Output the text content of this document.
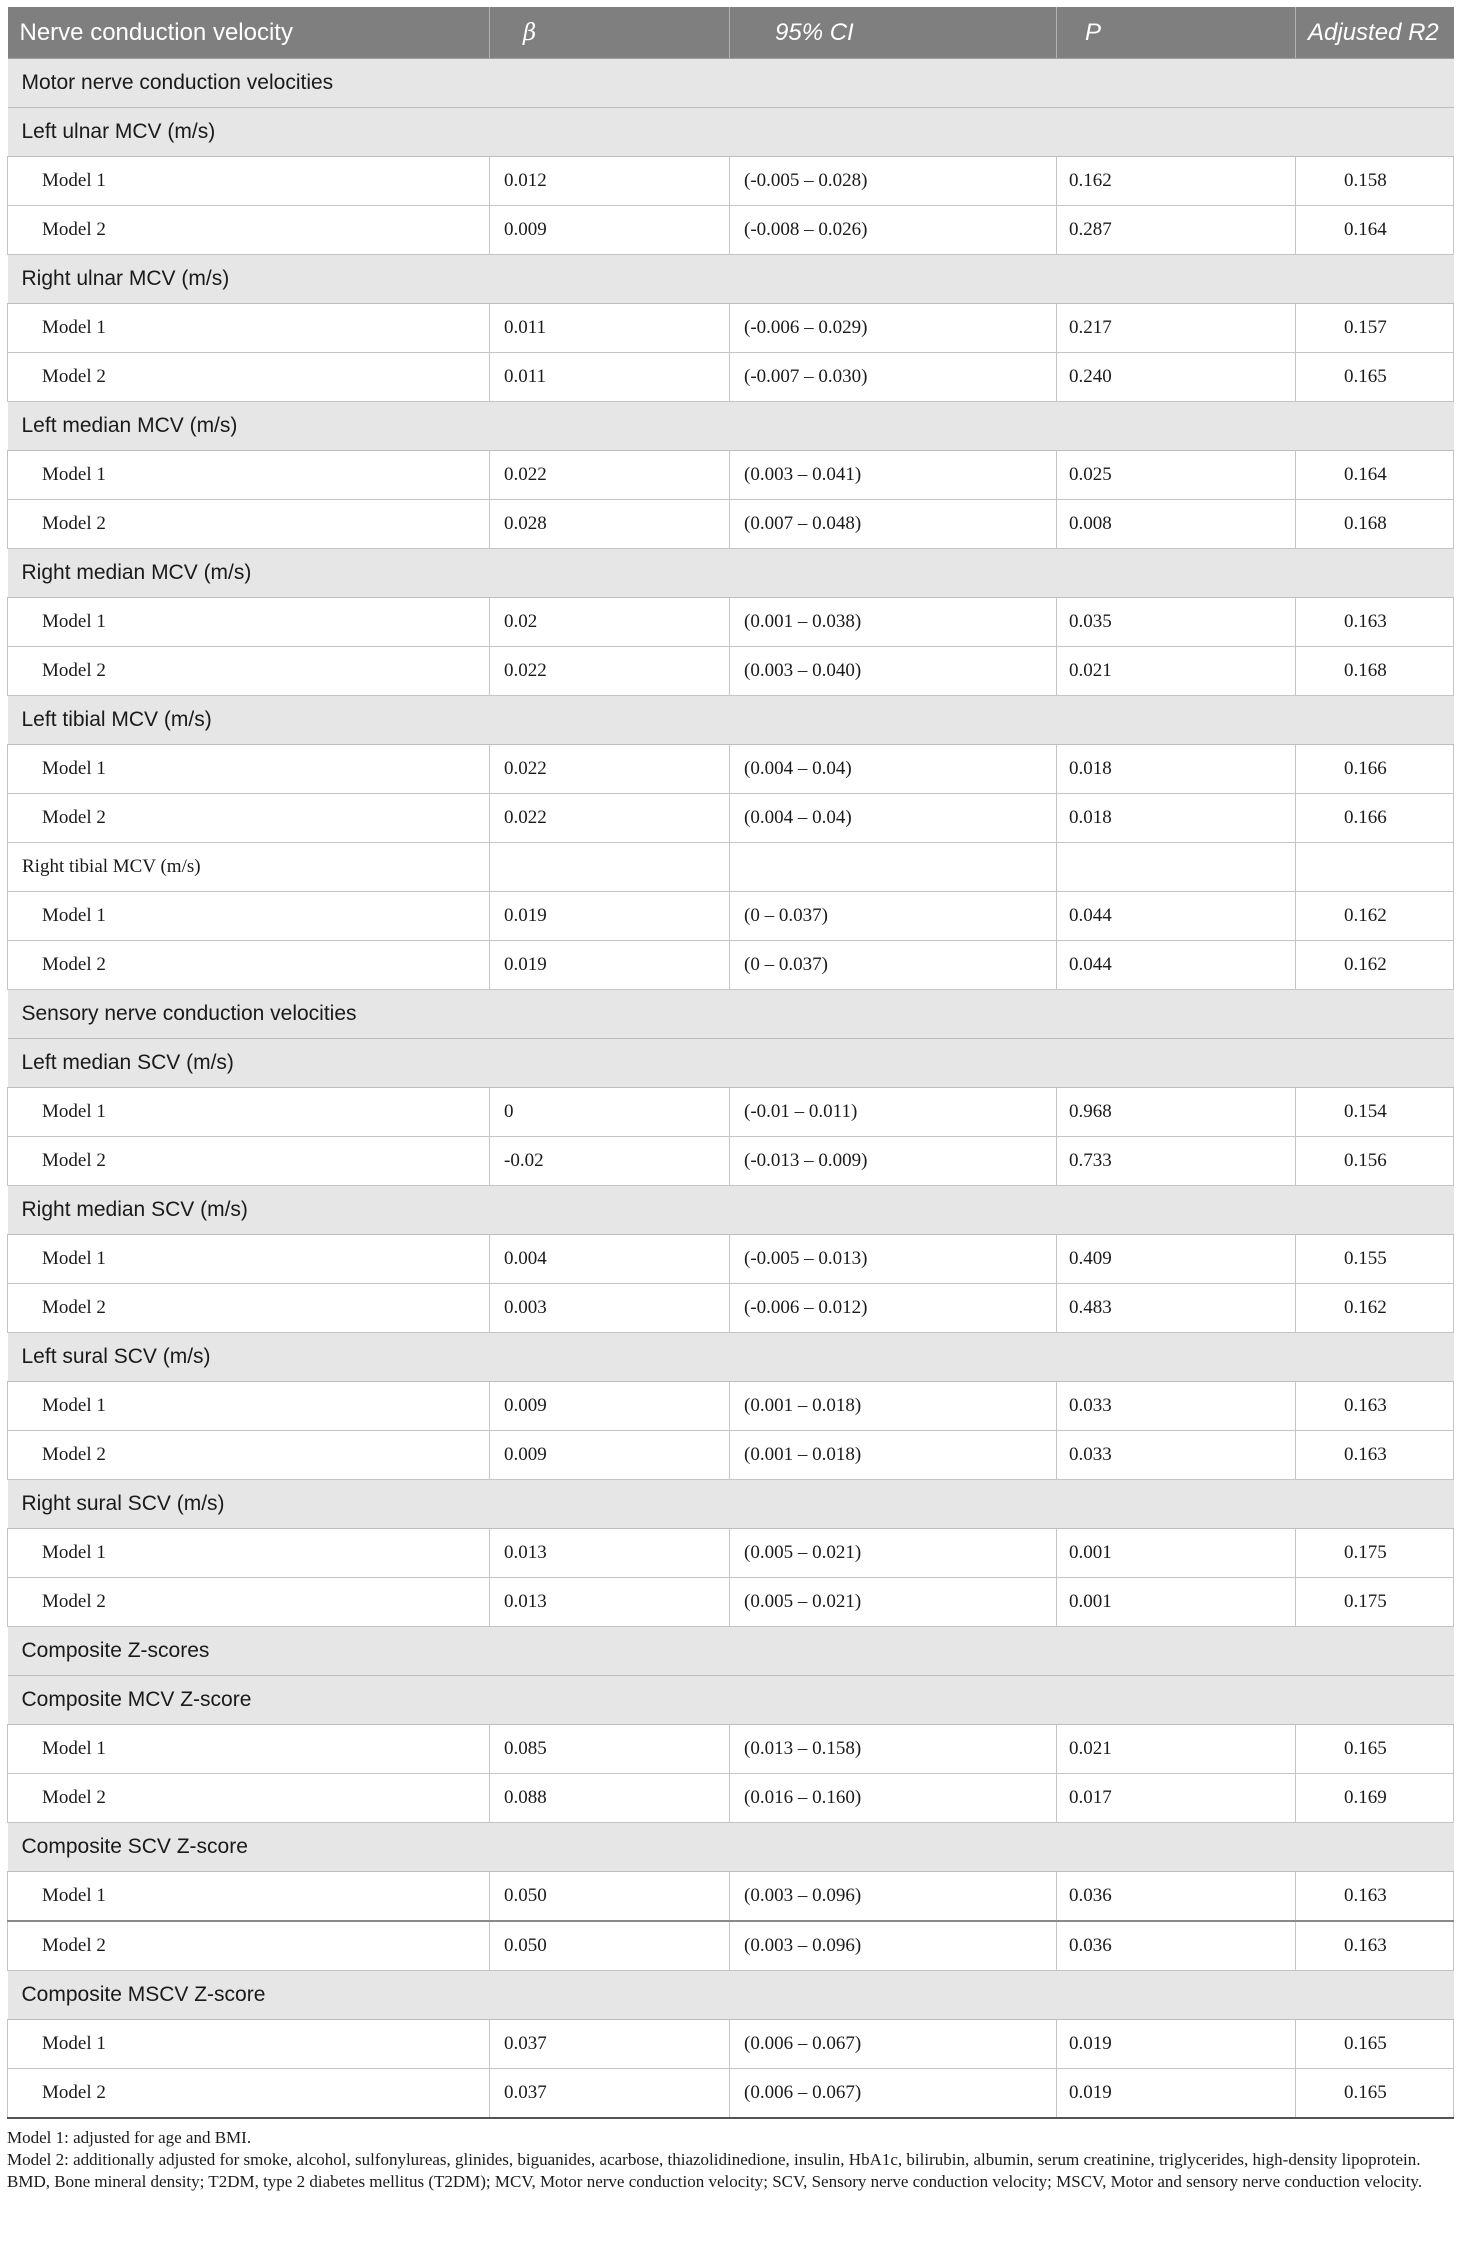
Nerve conduction velocity	β	95% CI	P	Adjusted R2
Motor nerve conduction velocities				
Left ulnar MCV (m/s)				
Model 1	0.012	(-0.005 – 0.028)	0.162	0.158
Model 2	0.009	(-0.008 – 0.026)	0.287	0.164
Right ulnar MCV (m/s)				
Model 1	0.011	(-0.006 – 0.029)	0.217	0.157
Model 2	0.011	(-0.007 – 0.030)	0.240	0.165
Left median MCV (m/s)				
Model 1	0.022	(0.003 – 0.041)	0.025	0.164
Model 2	0.028	(0.007 – 0.048)	0.008	0.168
Right median MCV (m/s)				
Model 1	0.02	(0.001 – 0.038)	0.035	0.163
Model 2	0.022	(0.003 – 0.040)	0.021	0.168
Left tibial MCV (m/s)				
Model 1	0.022	(0.004 – 0.04)	0.018	0.166
Model 2	0.022	(0.004 – 0.04)	0.018	0.166
Right tibial MCV (m/s)				
Model 1	0.019	(0 – 0.037)	0.044	0.162
Model 2	0.019	(0 – 0.037)	0.044	0.162
Sensory nerve conduction velocities				
Left median SCV (m/s)				
Model 1	0	(-0.01 – 0.011)	0.968	0.154
Model 2	-0.02	(-0.013 – 0.009)	0.733	0.156
Right median SCV (m/s)				
Model 1	0.004	(-0.005 – 0.013)	0.409	0.155
Model 2	0.003	(-0.006 – 0.012)	0.483	0.162
Left sural SCV (m/s)				
Model 1	0.009	(0.001 – 0.018)	0.033	0.163
Model 2	0.009	(0.001 – 0.018)	0.033	0.163
Right sural SCV (m/s)				
Model 1	0.013	(0.005 – 0.021)	0.001	0.175
Model 2	0.013	(0.005 – 0.021)	0.001	0.175
Composite Z-scores				
Composite MCV Z-score				
Model 1	0.085	(0.013 – 0.158)	0.021	0.165
Model 2	0.088	(0.016 – 0.160)	0.017	0.169
Composite SCV Z-score				
Model 1	0.050	(0.003 – 0.096)	0.036	0.163
Model 2	0.050	(0.003 – 0.096)	0.036	0.163
Composite MSCV Z-score				
Model 1	0.037	(0.006 – 0.067)	0.019	0.165
Model 2	0.037	(0.006 – 0.067)	0.019	0.165

Model 1: adjusted for age and BMI.

Model 2: additionally adjusted for smoke, alcohol, sulfonylureas, glinides, biguanides, acarbose, thiazolidinedione, insulin, HbA1c, bilirubin, albumin, serum creatinine, triglycerides, high-density lipoprotein.

BMD, Bone mineral density; T2DM, type 2 diabetes mellitus (T2DM); MCV, Motor nerve conduction velocity; SCV, Sensory nerve conduction velocity; MSCV, Motor and sensory nerve conduction velocity.
